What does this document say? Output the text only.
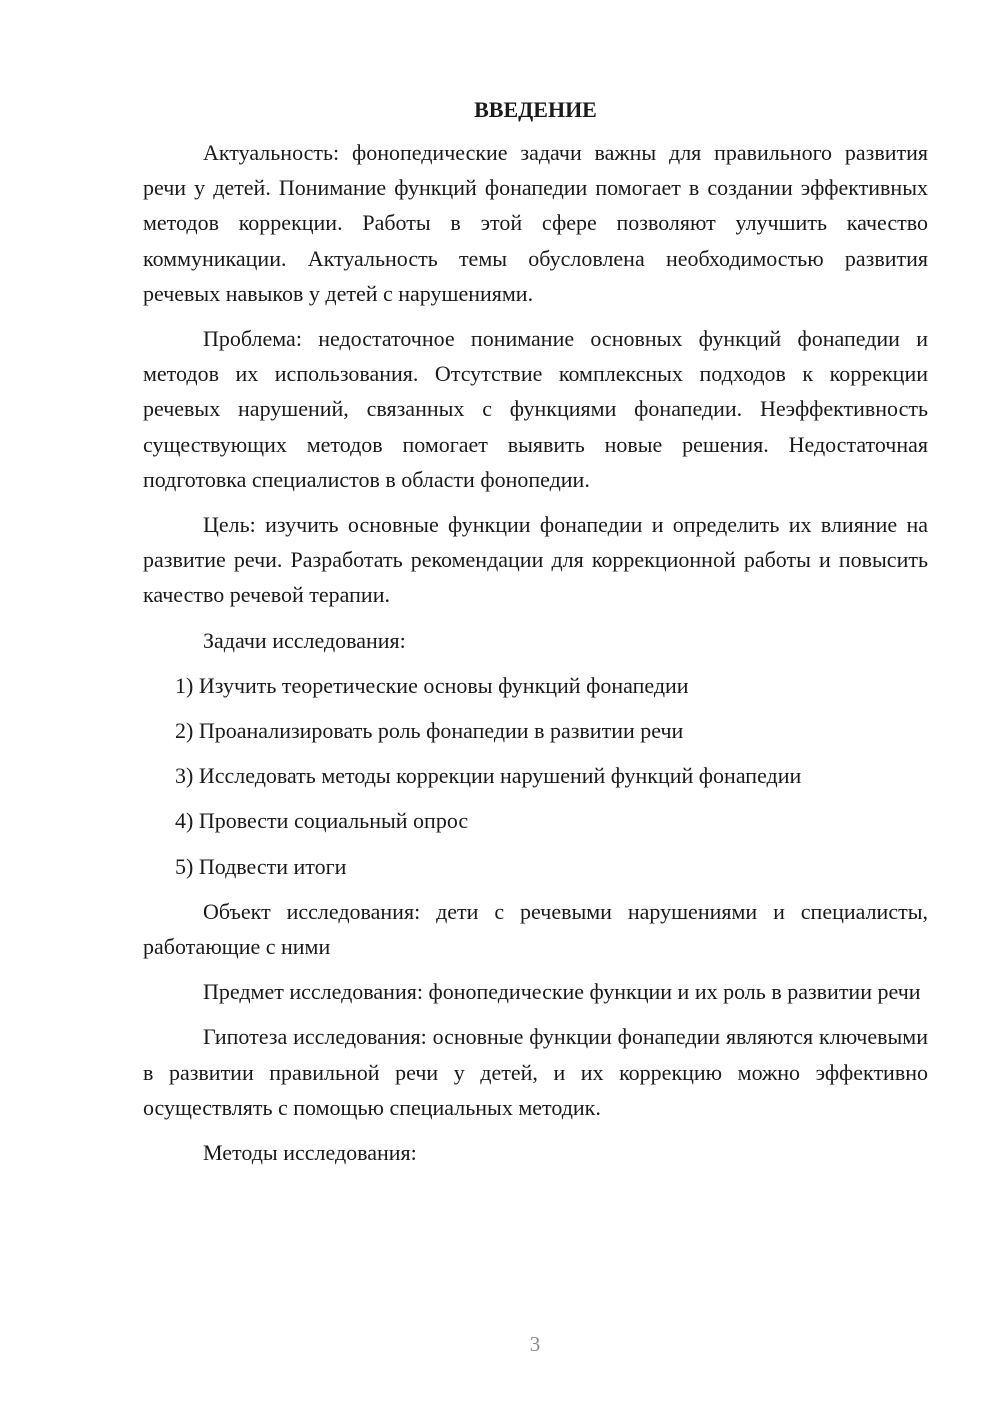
ВВЕДЕНИЕ

Актуальность: фонопедические задачи важны для правильного развития речи у детей. Понимание функций фонапедии помогает в создании эффективных методов коррекции. Работы в этой сфере позволяют улучшить качество коммуникации. Актуальность темы обусловлена необходимостью развития речевых навыков у детей с нарушениями.

Проблема: недостаточное понимание основных функций фонапедии и методов их использования. Отсутствие комплексных подходов к коррекции речевых нарушений, связанных с функциями фонапедии. Неэффективность существующих методов помогает выявить новые решения. Недостаточная подготовка специалистов в области фонопедии.

Цель: изучить основные функции фонапедии и определить их влияние на развитие речи. Разработать рекомендации для коррекционной работы и повысить качество речевой терапии.

Задачи исследования:

1) Изучить теоретические основы функций фонапедии
2) Проанализировать роль фонапедии в развитии речи
3) Исследовать методы коррекции нарушений функций фонапедии
4) Провести социальный опрос
5) Подвести итоги

Объект исследования: дети с речевыми нарушениями и специалисты, работающие с ними

Предмет исследования: фонопедические функции и их роль в развитии речи

Гипотеза исследования: основные функции фонапедии являются ключевыми в развитии правильной речи у детей, и их коррекцию можно эффективно осуществлять с помощью специальных методик.

Методы исследования:

3
